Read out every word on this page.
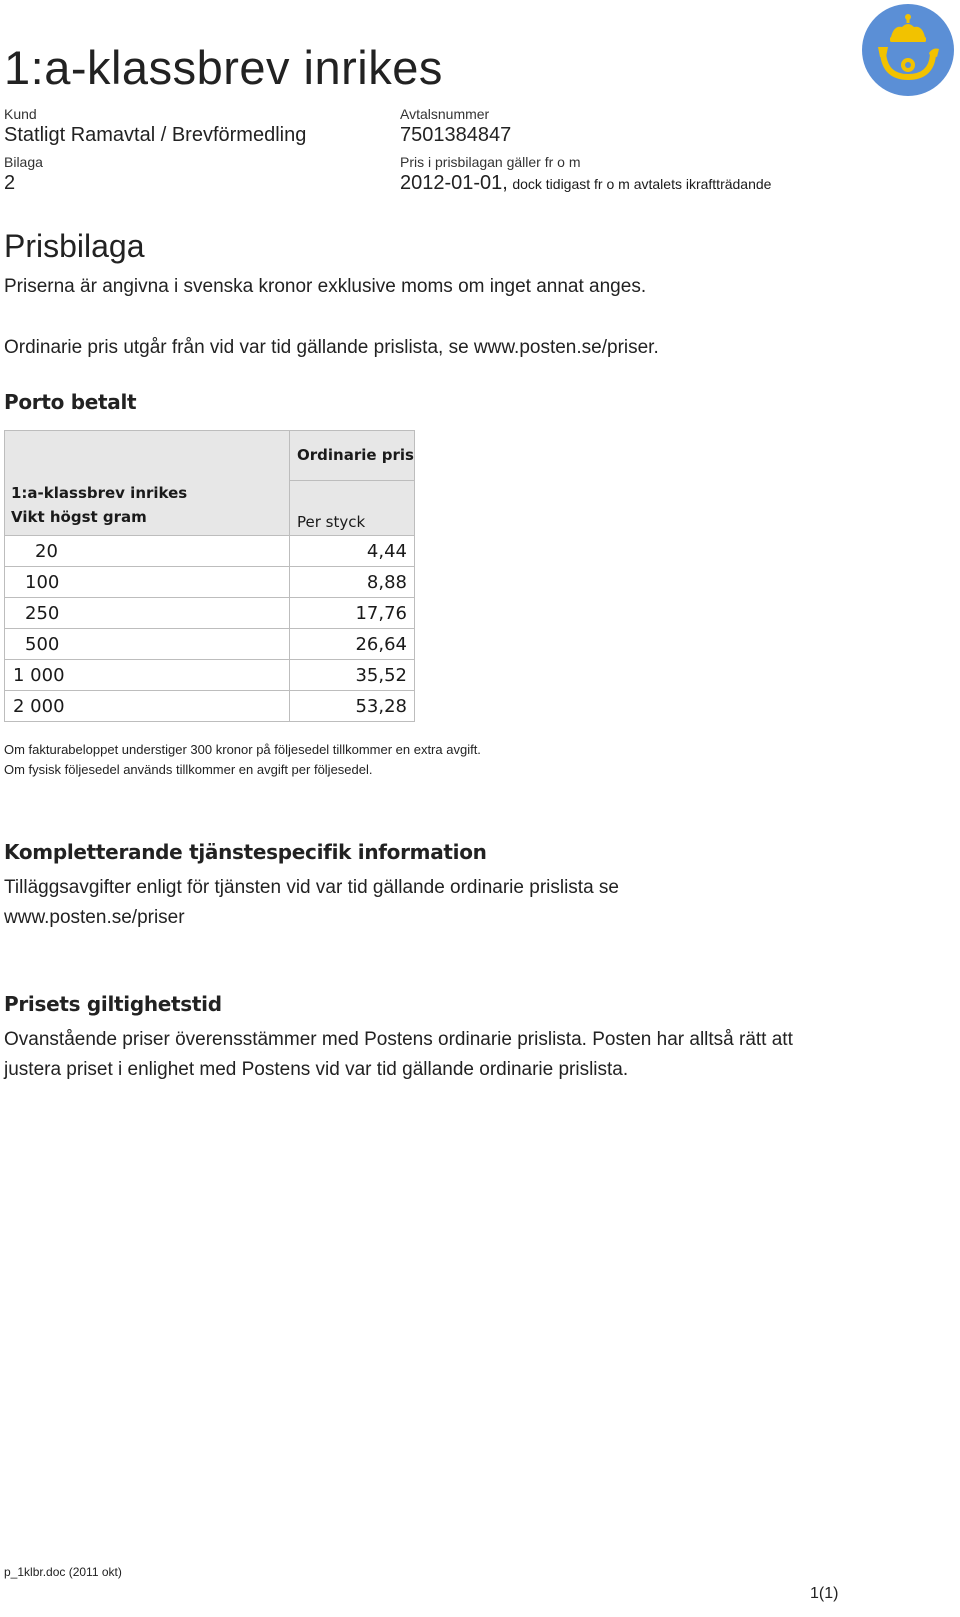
1:a-klassbrev inrikes
Kund
Statligt Ramavtal / Brevförmedling
Bilaga
2
Avtalsnummer
7501384847
Pris i prisbilagan gäller fr o m
2012-01-01, dock tidigast fr o m avtalets ikraftträdande
Prisbilaga
Priserna är angivna i svenska kronor exklusive moms om inget annat anges.
Ordinarie pris utgår från vid var tid gällande prislista, se www.posten.se/priser.
Porto betalt
1:a-klassbrev inrikes
Vikt högst gram	Ordinarie pris
	Per styck
20	4,44
100	8,88
250	17,76
500	26,64
1 000	35,52
2 000	53,28
Om fakturabeloppet understiger 300 kronor på följesedel tillkommer en extra avgift.
Om fysisk följesedel används tillkommer en avgift per följesedel.
Kompletterande tjänstespecifik information
Tilläggsavgifter enligt för tjänsten vid var tid gällande ordinarie prislista se
www.posten.se/priser
Prisets giltighetstid
Ovanstående priser överensstämmer med Postens ordinarie prislista. Posten har alltså rätt att
justera priset i enlighet med Postens vid var tid gällande ordinarie prislista.
p_1klbr.doc (2011 okt)
1(1)
